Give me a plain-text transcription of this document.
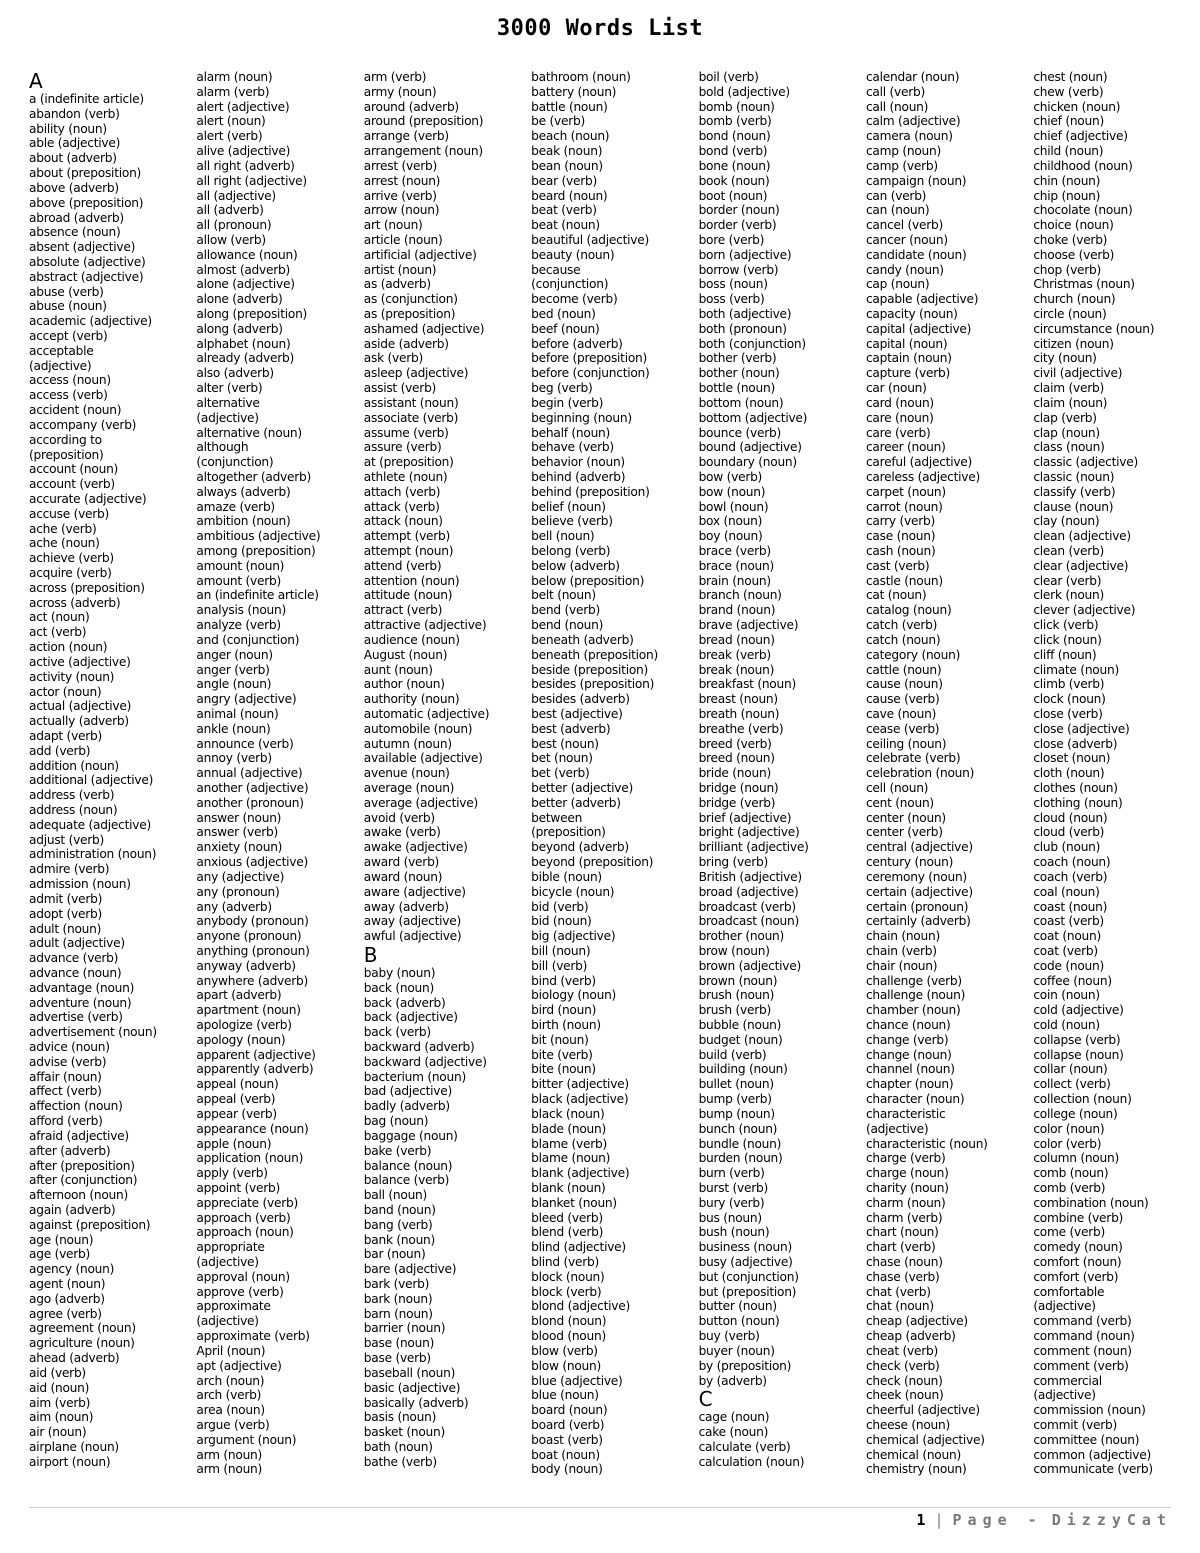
3000 Words List
A
a (indefinite article)
abandon (verb)
ability (noun)
able (adjective)
about (adverb)
about (preposition)
above (adverb)
above (preposition)
abroad (adverb)
absence (noun)
absent (adjective)
absolute (adjective)
abstract (adjective)
abuse (verb)
abuse (noun)
academic (adjective)
accept (verb)
acceptable
(adjective)
access (noun)
access (verb)
accident (noun)
accompany (verb)
according to
(preposition)
account (noun)
account (verb)
accurate (adjective)
accuse (verb)
ache (verb)
ache (noun)
achieve (verb)
acquire (verb)
across (preposition)
across (adverb)
act (noun)
act (verb)
action (noun)
active (adjective)
activity (noun)
actor (noun)
actual (adjective)
actually (adverb)
adapt (verb)
add (verb)
addition (noun)
additional (adjective)
address (verb)
address (noun)
adequate (adjective)
adjust (verb)
administration (noun)
admire (verb)
admission (noun)
admit (verb)
adopt (verb)
adult (noun)
adult (adjective)
advance (verb)
advance (noun)
advantage (noun)
adventure (noun)
advertise (verb)
advertisement (noun)
advice (noun)
advise (verb)
affair (noun)
affect (verb)
affection (noun)
afford (verb)
afraid (adjective)
after (adverb)
after (preposition)
after (conjunction)
afternoon (noun)
again (adverb)
against (preposition)
age (noun)
age (verb)
agency (noun)
agent (noun)
ago (adverb)
agree (verb)
agreement (noun)
agriculture (noun)
ahead (adverb)
aid (verb)
aid (noun)
aim (verb)
aim (noun)
air (noun)
airplane (noun)
airport (noun)
alarm (noun)
alarm (verb)
alert (adjective)
alert (noun)
alert (verb)
alive (adjective)
all right (adverb)
all right (adjective)
all (adjective)
all (adverb)
all (pronoun)
allow (verb)
allowance (noun)
almost (adverb)
alone (adjective)
alone (adverb)
along (preposition)
along (adverb)
alphabet (noun)
already (adverb)
also (adverb)
alter (verb)
alternative
(adjective)
alternative (noun)
although
(conjunction)
altogether (adverb)
always (adverb)
amaze (verb)
ambition (noun)
ambitious (adjective)
among (preposition)
amount (noun)
amount (verb)
an (indefinite article)
analysis (noun)
analyze (verb)
and (conjunction)
anger (noun)
anger (verb)
angle (noun)
angry (adjective)
animal (noun)
ankle (noun)
announce (verb)
annoy (verb)
annual (adjective)
another (adjective)
another (pronoun)
answer (noun)
answer (verb)
anxiety (noun)
anxious (adjective)
any (adjective)
any (pronoun)
any (adverb)
anybody (pronoun)
anyone (pronoun)
anything (pronoun)
anyway (adverb)
anywhere (adverb)
apart (adverb)
apartment (noun)
apologize (verb)
apology (noun)
apparent (adjective)
apparently (adverb)
appeal (noun)
appeal (verb)
appear (verb)
appearance (noun)
apple (noun)
application (noun)
apply (verb)
appoint (verb)
appreciate (verb)
approach (verb)
approach (noun)
appropriate
(adjective)
approval (noun)
approve (verb)
approximate
(adjective)
approximate (verb)
April (noun)
apt (adjective)
arch (noun)
arch (verb)
area (noun)
argue (verb)
argument (noun)
arm (noun)
arm (noun)
arm (verb)
army (noun)
around (adverb)
around (preposition)
arrange (verb)
arrangement (noun)
arrest (verb)
arrest (noun)
arrive (verb)
arrow (noun)
art (noun)
article (noun)
artificial (adjective)
artist (noun)
as (adverb)
as (conjunction)
as (preposition)
ashamed (adjective)
aside (adverb)
ask (verb)
asleep (adjective)
assist (verb)
assistant (noun)
associate (verb)
assume (verb)
assure (verb)
at (preposition)
athlete (noun)
attach (verb)
attack (verb)
attack (noun)
attempt (verb)
attempt (noun)
attend (verb)
attention (noun)
attitude (noun)
attract (verb)
attractive (adjective)
audience (noun)
August (noun)
aunt (noun)
author (noun)
authority (noun)
automatic (adjective)
automobile (noun)
autumn (noun)
available (adjective)
avenue (noun)
average (noun)
average (adjective)
avoid (verb)
awake (verb)
awake (adjective)
award (verb)
award (noun)
aware (adjective)
away (adverb)
away (adjective)
awful (adjective)
B
baby (noun)
back (noun)
back (adverb)
back (adjective)
back (verb)
backward (adverb)
backward (adjective)
bacterium (noun)
bad (adjective)
badly (adverb)
bag (noun)
baggage (noun)
bake (verb)
balance (noun)
balance (verb)
ball (noun)
band (noun)
bang (verb)
bank (noun)
bar (noun)
bare (adjective)
bark (verb)
bark (noun)
barn (noun)
barrier (noun)
base (noun)
base (verb)
baseball (noun)
basic (adjective)
basically (adverb)
basis (noun)
basket (noun)
bath (noun)
bathe (verb)
bathroom (noun)
battery (noun)
battle (noun)
be (verb)
beach (noun)
beak (noun)
bean (noun)
bear (verb)
beard (noun)
beat (verb)
beat (noun)
beautiful (adjective)
beauty (noun)
because
(conjunction)
become (verb)
bed (noun)
beef (noun)
before (adverb)
before (preposition)
before (conjunction)
beg (verb)
begin (verb)
beginning (noun)
behalf (noun)
behave (verb)
behavior (noun)
behind (adverb)
behind (preposition)
belief (noun)
believe (verb)
bell (noun)
belong (verb)
below (adverb)
below (preposition)
belt (noun)
bend (verb)
bend (noun)
beneath (adverb)
beneath (preposition)
beside (preposition)
besides (preposition)
besides (adverb)
best (adjective)
best (adverb)
best (noun)
bet (noun)
bet (verb)
better (adjective)
better (adverb)
between
(preposition)
beyond (adverb)
beyond (preposition)
bible (noun)
bicycle (noun)
bid (verb)
bid (noun)
big (adjective)
bill (noun)
bill (verb)
bind (verb)
biology (noun)
bird (noun)
birth (noun)
bit (noun)
bite (verb)
bite (noun)
bitter (adjective)
black (adjective)
black (noun)
blade (noun)
blame (verb)
blame (noun)
blank (adjective)
blank (noun)
blanket (noun)
bleed (verb)
blend (verb)
blind (adjective)
blind (verb)
block (noun)
block (verb)
blond (adjective)
blond (noun)
blood (noun)
blow (verb)
blow (noun)
blue (adjective)
blue (noun)
board (noun)
board (verb)
boast (verb)
boat (noun)
body (noun)
boil (verb)
bold (adjective)
bomb (noun)
bomb (verb)
bond (noun)
bond (verb)
bone (noun)
book (noun)
boot (noun)
border (noun)
border (verb)
bore (verb)
born (adjective)
borrow (verb)
boss (noun)
boss (verb)
both (adjective)
both (pronoun)
both (conjunction)
bother (verb)
bother (noun)
bottle (noun)
bottom (noun)
bottom (adjective)
bounce (verb)
bound (adjective)
boundary (noun)
bow (verb)
bow (noun)
bowl (noun)
box (noun)
boy (noun)
brace (verb)
brace (noun)
brain (noun)
branch (noun)
brand (noun)
brave (adjective)
bread (noun)
break (verb)
break (noun)
breakfast (noun)
breast (noun)
breath (noun)
breathe (verb)
breed (verb)
breed (noun)
bride (noun)
bridge (noun)
bridge (verb)
brief (adjective)
bright (adjective)
brilliant (adjective)
bring (verb)
British (adjective)
broad (adjective)
broadcast (verb)
broadcast (noun)
brother (noun)
brow (noun)
brown (adjective)
brown (noun)
brush (noun)
brush (verb)
bubble (noun)
budget (noun)
build (verb)
building (noun)
bullet (noun)
bump (verb)
bump (noun)
bunch (noun)
bundle (noun)
burden (noun)
burn (verb)
burst (verb)
bury (verb)
bus (noun)
bush (noun)
business (noun)
busy (adjective)
but (conjunction)
but (preposition)
butter (noun)
button (noun)
buy (verb)
buyer (noun)
by (preposition)
by (adverb)
C
cage (noun)
cake (noun)
calculate (verb)
calculation (noun)
calendar (noun)
call (verb)
call (noun)
calm (adjective)
camera (noun)
camp (noun)
camp (verb)
campaign (noun)
can (verb)
can (noun)
cancel (verb)
cancer (noun)
candidate (noun)
candy (noun)
cap (noun)
capable (adjective)
capacity (noun)
capital (adjective)
capital (noun)
captain (noun)
capture (verb)
car (noun)
card (noun)
care (noun)
care (verb)
career (noun)
careful (adjective)
careless (adjective)
carpet (noun)
carrot (noun)
carry (verb)
case (noun)
cash (noun)
cast (verb)
castle (noun)
cat (noun)
catalog (noun)
catch (verb)
catch (noun)
category (noun)
cattle (noun)
cause (noun)
cause (verb)
cave (noun)
cease (verb)
ceiling (noun)
celebrate (verb)
celebration (noun)
cell (noun)
cent (noun)
center (noun)
center (verb)
central (adjective)
century (noun)
ceremony (noun)
certain (adjective)
certain (pronoun)
certainly (adverb)
chain (noun)
chain (verb)
chair (noun)
challenge (verb)
challenge (noun)
chamber (noun)
chance (noun)
change (verb)
change (noun)
channel (noun)
chapter (noun)
character (noun)
characteristic
(adjective)
characteristic (noun)
charge (verb)
charge (noun)
charity (noun)
charm (noun)
charm (verb)
chart (noun)
chart (verb)
chase (noun)
chase (verb)
chat (verb)
chat (noun)
cheap (adjective)
cheap (adverb)
cheat (verb)
check (verb)
check (noun)
cheek (noun)
cheerful (adjective)
cheese (noun)
chemical (adjective)
chemical (noun)
chemistry (noun)
chest (noun)
chew (verb)
chicken (noun)
chief (noun)
chief (adjective)
child (noun)
childhood (noun)
chin (noun)
chip (noun)
chocolate (noun)
choice (noun)
choke (verb)
choose (verb)
chop (verb)
Christmas (noun)
church (noun)
circle (noun)
circumstance (noun)
citizen (noun)
city (noun)
civil (adjective)
claim (verb)
claim (noun)
clap (verb)
clap (noun)
class (noun)
classic (adjective)
classic (noun)
classify (verb)
clause (noun)
clay (noun)
clean (adjective)
clean (verb)
clear (adjective)
clear (verb)
clerk (noun)
clever (adjective)
click (verb)
click (noun)
cliff (noun)
climate (noun)
climb (verb)
clock (noun)
close (verb)
close (adjective)
close (adverb)
closet (noun)
cloth (noun)
clothes (noun)
clothing (noun)
cloud (noun)
cloud (verb)
club (noun)
coach (noun)
coach (verb)
coal (noun)
coast (noun)
coast (verb)
coat (noun)
coat (verb)
code (noun)
coffee (noun)
coin (noun)
cold (adjective)
cold (noun)
collapse (verb)
collapse (noun)
collar (noun)
collect (verb)
collection (noun)
college (noun)
color (noun)
color (verb)
column (noun)
comb (noun)
comb (verb)
combination (noun)
combine (verb)
come (verb)
comedy (noun)
comfort (noun)
comfort (verb)
comfortable
(adjective)
command (verb)
command (noun)
comment (noun)
comment (verb)
commercial
(adjective)
commission (noun)
commit (verb)
committee (noun)
common (adjective)
communicate (verb)
1 | Page - DizzyCat
